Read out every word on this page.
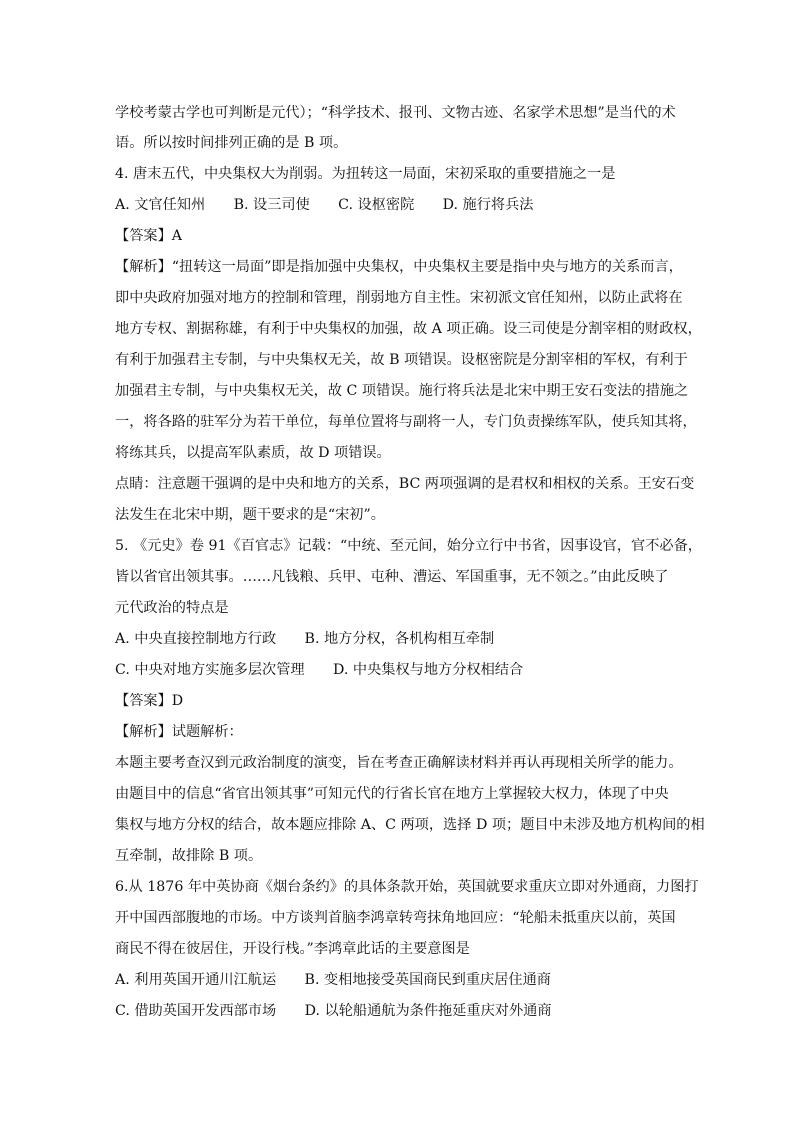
学校考蒙古学也可判断是元代）；“科学技术、报刊、文物古迹、名家学术思想”是当代的术
语。所以按时间排列正确的是 B 项。
4. 唐末五代，中央集权大为削弱。为扭转这一局面，宋初采取的重要措施之一是
A. 文官任知州　　B. 设三司使　　C. 设枢密院　　D. 施行将兵法
【答案】A
【解析】“扭转这一局面”即是指加强中央集权，中央集权主要是指中央与地方的关系而言，
即中央政府加强对地方的控制和管理，削弱地方自主性。宋初派文官任知州，以防止武将在
地方专权、割据称雄，有利于中央集权的加强，故 A 项正确。设三司使是分割宰相的财政权，
有利于加强君主专制，与中央集权无关，故 B 项错误。设枢密院是分割宰相的军权，有利于
加强君主专制，与中央集权无关，故 C 项错误。施行将兵法是北宋中期王安石变法的措施之
一，将各路的驻军分为若干单位，每单位置将与副将一人，专门负责操练军队，使兵知其将，
将练其兵，以提高军队素质，故 D 项错误。
点睛：注意题干强调的是中央和地方的关系，BC 两项强调的是君权和相权的关系。王安石变
法发生在北宋中期，题干要求的是“宋初”。
5. 《元史》卷 91《百官志》记载：“中统、至元间，始分立行中书省，因事设官，官不必备，
皆以省官出领其事。……凡钱粮、兵甲、屯种、漕运、军国重事，无不领之。”由此反映了
元代政治的特点是
A. 中央直接控制地方行政　　B. 地方分权，各机构相互牵制
C. 中央对地方实施多层次管理　　D. 中央集权与地方分权相结合
【答案】D
【解析】试题解析：
本题主要考查汉到元政治制度的演变，旨在考查正确解读材料并再认再现相关所学的能力。
由题目中的信息“省官出领其事”可知元代的行省长官在地方上掌握较大权力，体现了中央
集权与地方分权的结合，故本题应排除 A、C 两项，选择 D 项；题目中未涉及地方机构间的相
互牵制，故排除 B 项。
6.从 1876 年中英协商《烟台条约》的具体条款开始，英国就要求重庆立即对外通商，力图打
开中国西部腹地的市场。中方谈判首脑李鸿章转弯抹角地回应：“轮船未抵重庆以前，英国
商民不得在彼居住，开设行栈。”李鸿章此话的主要意图是
A. 利用英国开通川江航运　　B. 变相地接受英国商民到重庆居住通商
C. 借助英国开发西部市场　　D. 以轮船通航为条件拖延重庆对外通商
